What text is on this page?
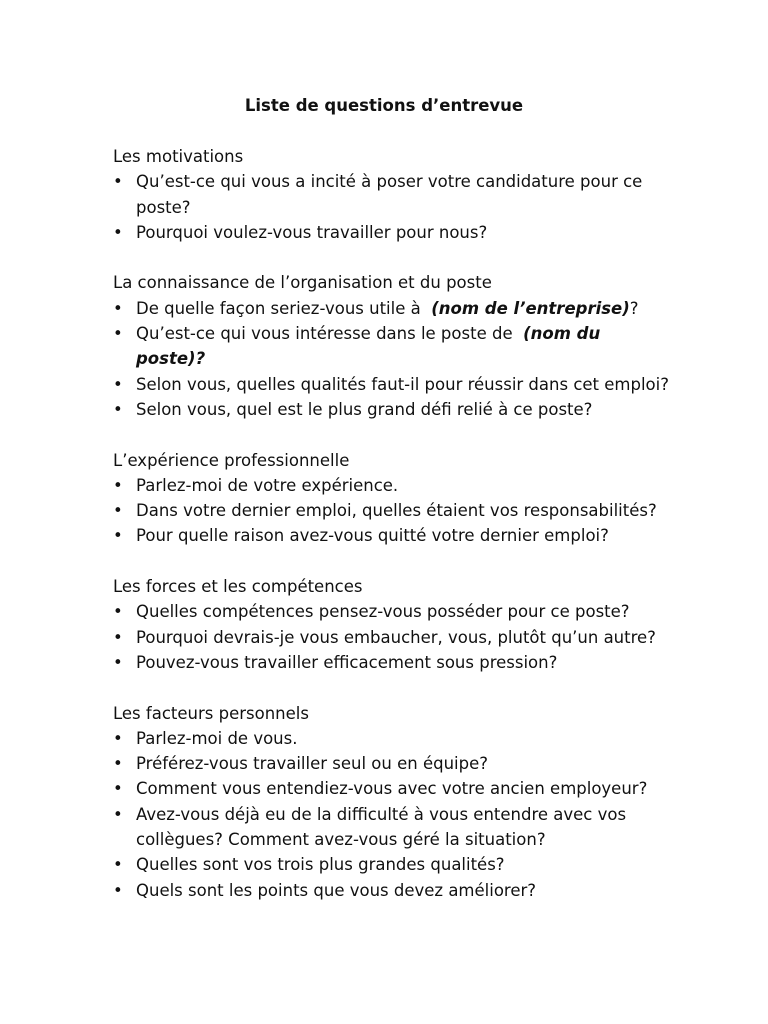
Liste de questions d’entrevue
Les motivations
• Qu’est-ce qui vous a incité à poser votre candidature pour ce poste?
• Pourquoi voulez-vous travailler pour nous?
La connaissance de l’organisation et du poste
• De quelle façon seriez-vous utile à (nom de l’entreprise)?
• Qu’est-ce qui vous intéresse dans le poste de (nom du poste)?
• Selon vous, quelles qualités faut-il pour réussir dans cet emploi?
• Selon vous, quel est le plus grand défi relié à ce poste?
L’expérience professionnelle
• Parlez-moi de votre expérience.
• Dans votre dernier emploi, quelles étaient vos responsabilités?
• Pour quelle raison avez-vous quitté votre dernier emploi?
Les forces et les compétences
• Quelles compétences pensez-vous posséder pour ce poste?
• Pourquoi devrais-je vous embaucher, vous, plutôt qu’un autre?
• Pouvez-vous travailler efficacement sous pression?
Les facteurs personnels
• Parlez-moi de vous.
• Préférez-vous travailler seul ou en équipe?
• Comment vous entendiez-vous avec votre ancien employeur?
• Avez-vous déjà eu de la difficulté à vous entendre avec vos collègues? Comment avez-vous géré la situation?
• Quelles sont vos trois plus grandes qualités?
• Quels sont les points que vous devez améliorer?
